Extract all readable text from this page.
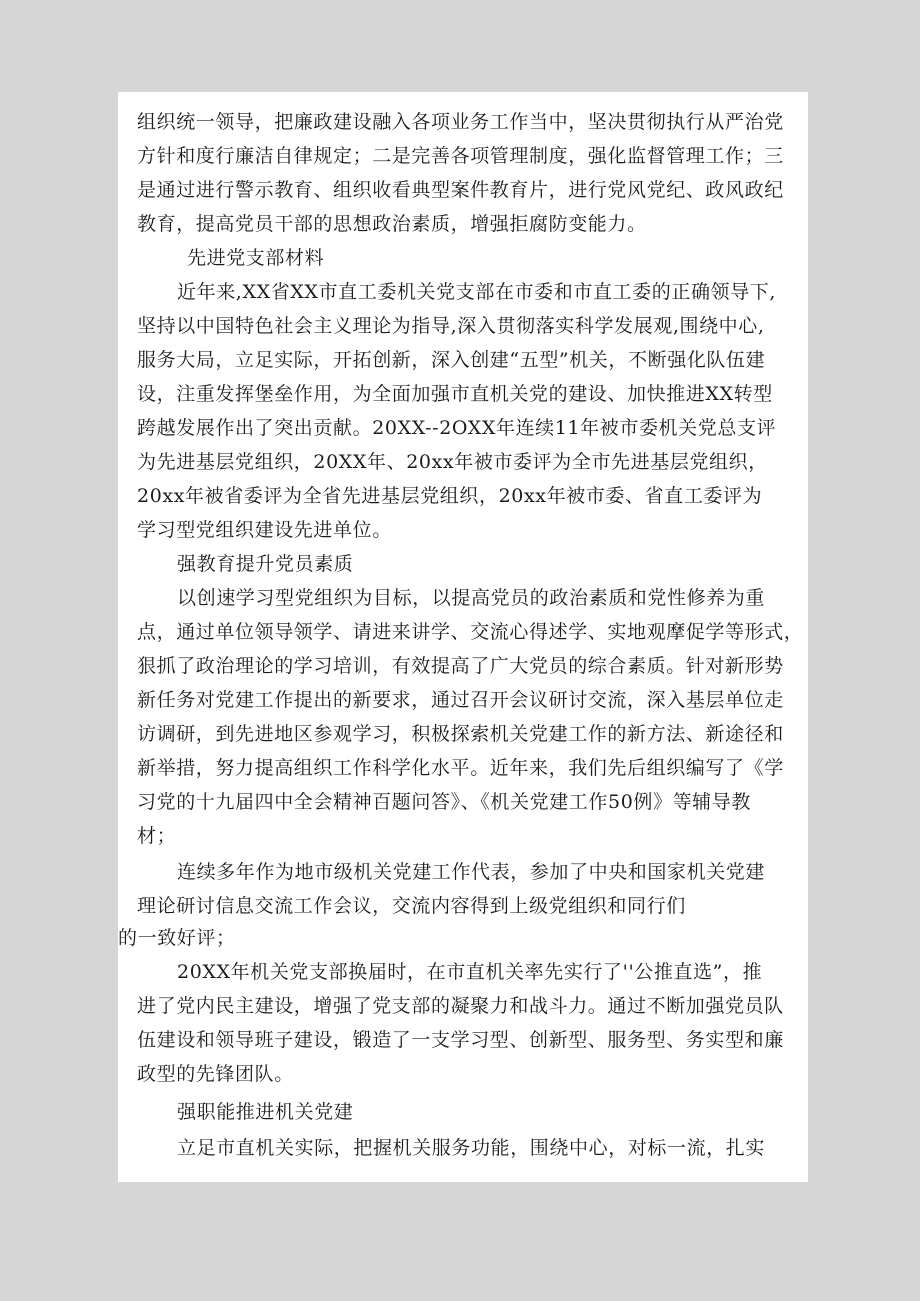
组织统一领导，把廉政建设融入各项业务工作当中，坚决贯彻执行从严治党
方针和度行廉洁自律规定；二是完善各项管理制度，强化监督管理工作；三
是通过进行警示教育、组织收看典型案件教育片，进行党风党纪、政风政纪
教育，提高党员干部的思想政治素质，增强拒腐防变能力。
先进党支部材料
近年来,XX省XX市直工委机关党支部在市委和市直工委的正确领导下,
坚持以中国特色社会主义理论为指导,深入贯彻落实科学发展观,围绕中心,
服务大局，立足实际，开拓创新，深入创建“五型”机关，不断强化队伍建
设，注重发挥堡垒作用，为全面加强市直机关党的建设、加快推进XX转型
跨越发展作出了突出贡献。20XX--2OXX年连续11年被市委机关党总支评
为先进基层党组织，20XX年、20xx年被市委评为全市先进基层党组织，
20xx年被省委评为全省先进基层党组织，20xx年被市委、省直工委评为
学习型党组织建设先进单位。
强教育提升党员素质
以创速学习型党组织为目标，以提高党员的政治素质和党性修养为重
点，通过单位领导领学、请进来讲学、交流心得述学、实地观摩促学等形式，
狠抓了政治理论的学习培训，有效提高了广大党员的综合素质。针对新形势
新任务对党建工作提出的新要求，通过召开会议研讨交流，深入基层单位走
访调研，到先进地区参观学习，积极探索机关党建工作的新方法、新途径和
新举措，努力提高组织工作科学化水平。近年来，我们先后组织编写了《学
习党的十九届四中全会精神百题问答》、《机关党建工作50例》等辅导教
材；
连续多年作为地市级机关党建工作代表，参加了中央和国家机关党建
理论研讨信息交流工作会议，交流内容得到上级党组织和同行们
的一致好评；
20XX年机关党支部换届时，在市直机关率先实行了''公推直选”，推
进了党内民主建设，增强了党支部的凝聚力和战斗力。通过不断加强党员队
伍建设和领导班子建设，锻造了一支学习型、创新型、服务型、务实型和廉
政型的先锋团队。
强职能推进机关党建
立足市直机关实际，把握机关服务功能，围绕中心，对标一流，扎实
